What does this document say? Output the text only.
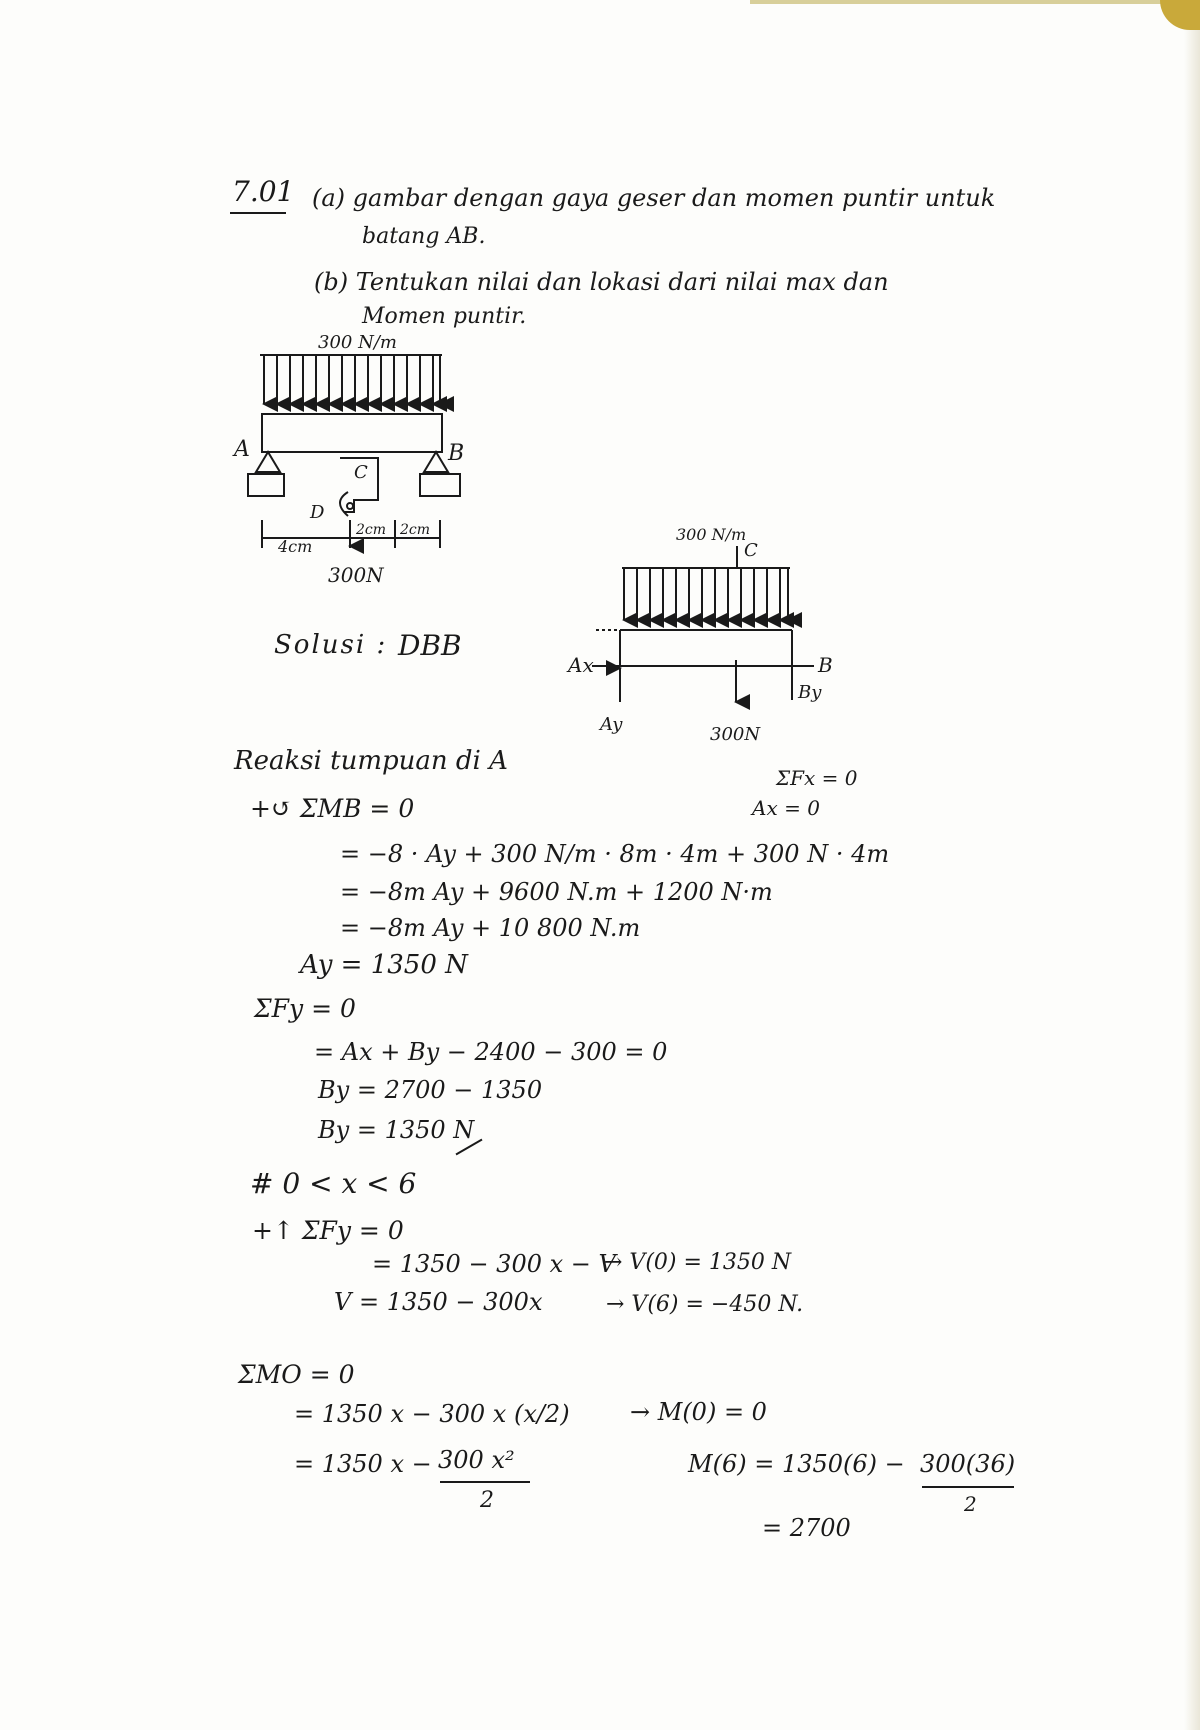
7.01 (a) gambar dengan gaya geser dan momen puntir untuk
batang AB.
(b) Tentukan nilai dan lokasi dari nilai max dan
Momen puntir.
300 N/m
A	B
C
D
4cm
2cm 2cm
300N
300 N/m
C
Ax	B
By
Ay	300N
Solusi : DBB
Reaksi tumpuan di A
+↺ ΣMB = 0
ΣFx = 0
Ax = 0
= −8 · Ay + 300 N/m · 8m · 4m + 300 N · 4m
= −8m Ay + 9600 N.m + 1200 N·m
= −8m Ay + 10 800 N.m
Ay = 1350 N
ΣFy = 0
= Ax + By − 2400 − 300 = 0
By = 2700 − 1350
By = 1350 N
# 0 < x < 6
+↑ ΣFy = 0
= 1350 − 300 x − V
→ V(0) = 1350 N
V = 1350 − 300x	→ V(6) = −450 N.
ΣMO = 0
= 1350 x − 300 x (x/2)	→ M(0) = 0
= 1350 x − 300 x²
2
M(6) = 1350(6) − 300(36)
2
= 2700
